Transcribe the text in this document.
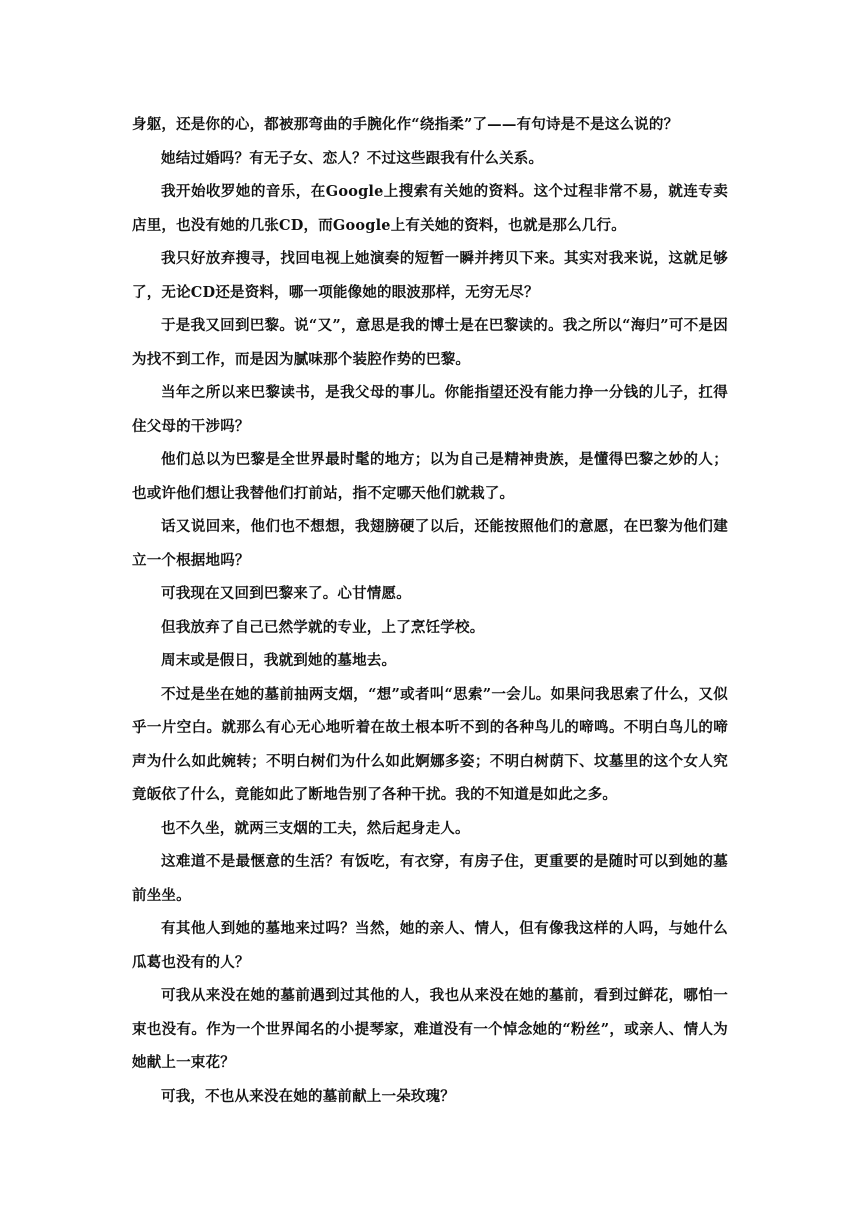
身躯，还是你的心，都被那弯曲的手腕化作“绕指柔”了——有句诗是不是这么说的？

她结过婚吗？有无子女、恋人？不过这些跟我有什么关系。

我开始收罗她的音乐，在Google上搜索有关她的资料。这个过程非常不易，就连专卖店里，也没有她的几张CD，而Google上有关她的资料，也就是那么几行。

我只好放弃搜寻，找回电视上她演奏的短暂一瞬并拷贝下来。其实对我来说，这就足够了，无论CD还是资料，哪一项能像她的眼波那样，无穷无尽？

于是我又回到巴黎。说“又”，意思是我的博士是在巴黎读的。我之所以“海归”可不是因为找不到工作，而是因为腻味那个装腔作势的巴黎。

当年之所以来巴黎读书，是我父母的事儿。你能指望还没有能力挣一分钱的儿子，扛得住父母的干涉吗？

他们总以为巴黎是全世界最时髦的地方；以为自己是精神贵族，是懂得巴黎之妙的人；也或许他们想让我替他们打前站，指不定哪天他们就栽了。

话又说回来，他们也不想想，我翅膀硬了以后，还能按照他们的意愿，在巴黎为他们建立一个根据地吗？

可我现在又回到巴黎来了。心甘情愿。

但我放弃了自己已然学就的专业，上了烹饪学校。

周末或是假日，我就到她的墓地去。

不过是坐在她的墓前抽两支烟，“想”或者叫“思索”一会儿。如果问我思索了什么，又似乎一片空白。就那么有心无心地听着在故土根本听不到的各种鸟儿的啼鸣。不明白鸟儿的啼声为什么如此婉转；不明白树们为什么如此婀娜多姿；不明白树荫下、坟墓里的这个女人究竟皈依了什么，竟能如此了断地告别了各种干扰。我的不知道是如此之多。

也不久坐，就两三支烟的工夫，然后起身走人。

这难道不是最惬意的生活？有饭吃，有衣穿，有房子住，更重要的是随时可以到她的墓前坐坐。

有其他人到她的墓地来过吗？当然，她的亲人、情人，但有像我这样的人吗，与她什么瓜葛也没有的人？

可我从来没在她的墓前遇到过其他的人，我也从来没在她的墓前，看到过鲜花，哪怕一束也没有。作为一个世界闻名的小提琴家，难道没有一个悼念她的“粉丝”，或亲人、情人为她献上一束花？

可我，不也从来没在她的墓前献上一朵玫瑰？
